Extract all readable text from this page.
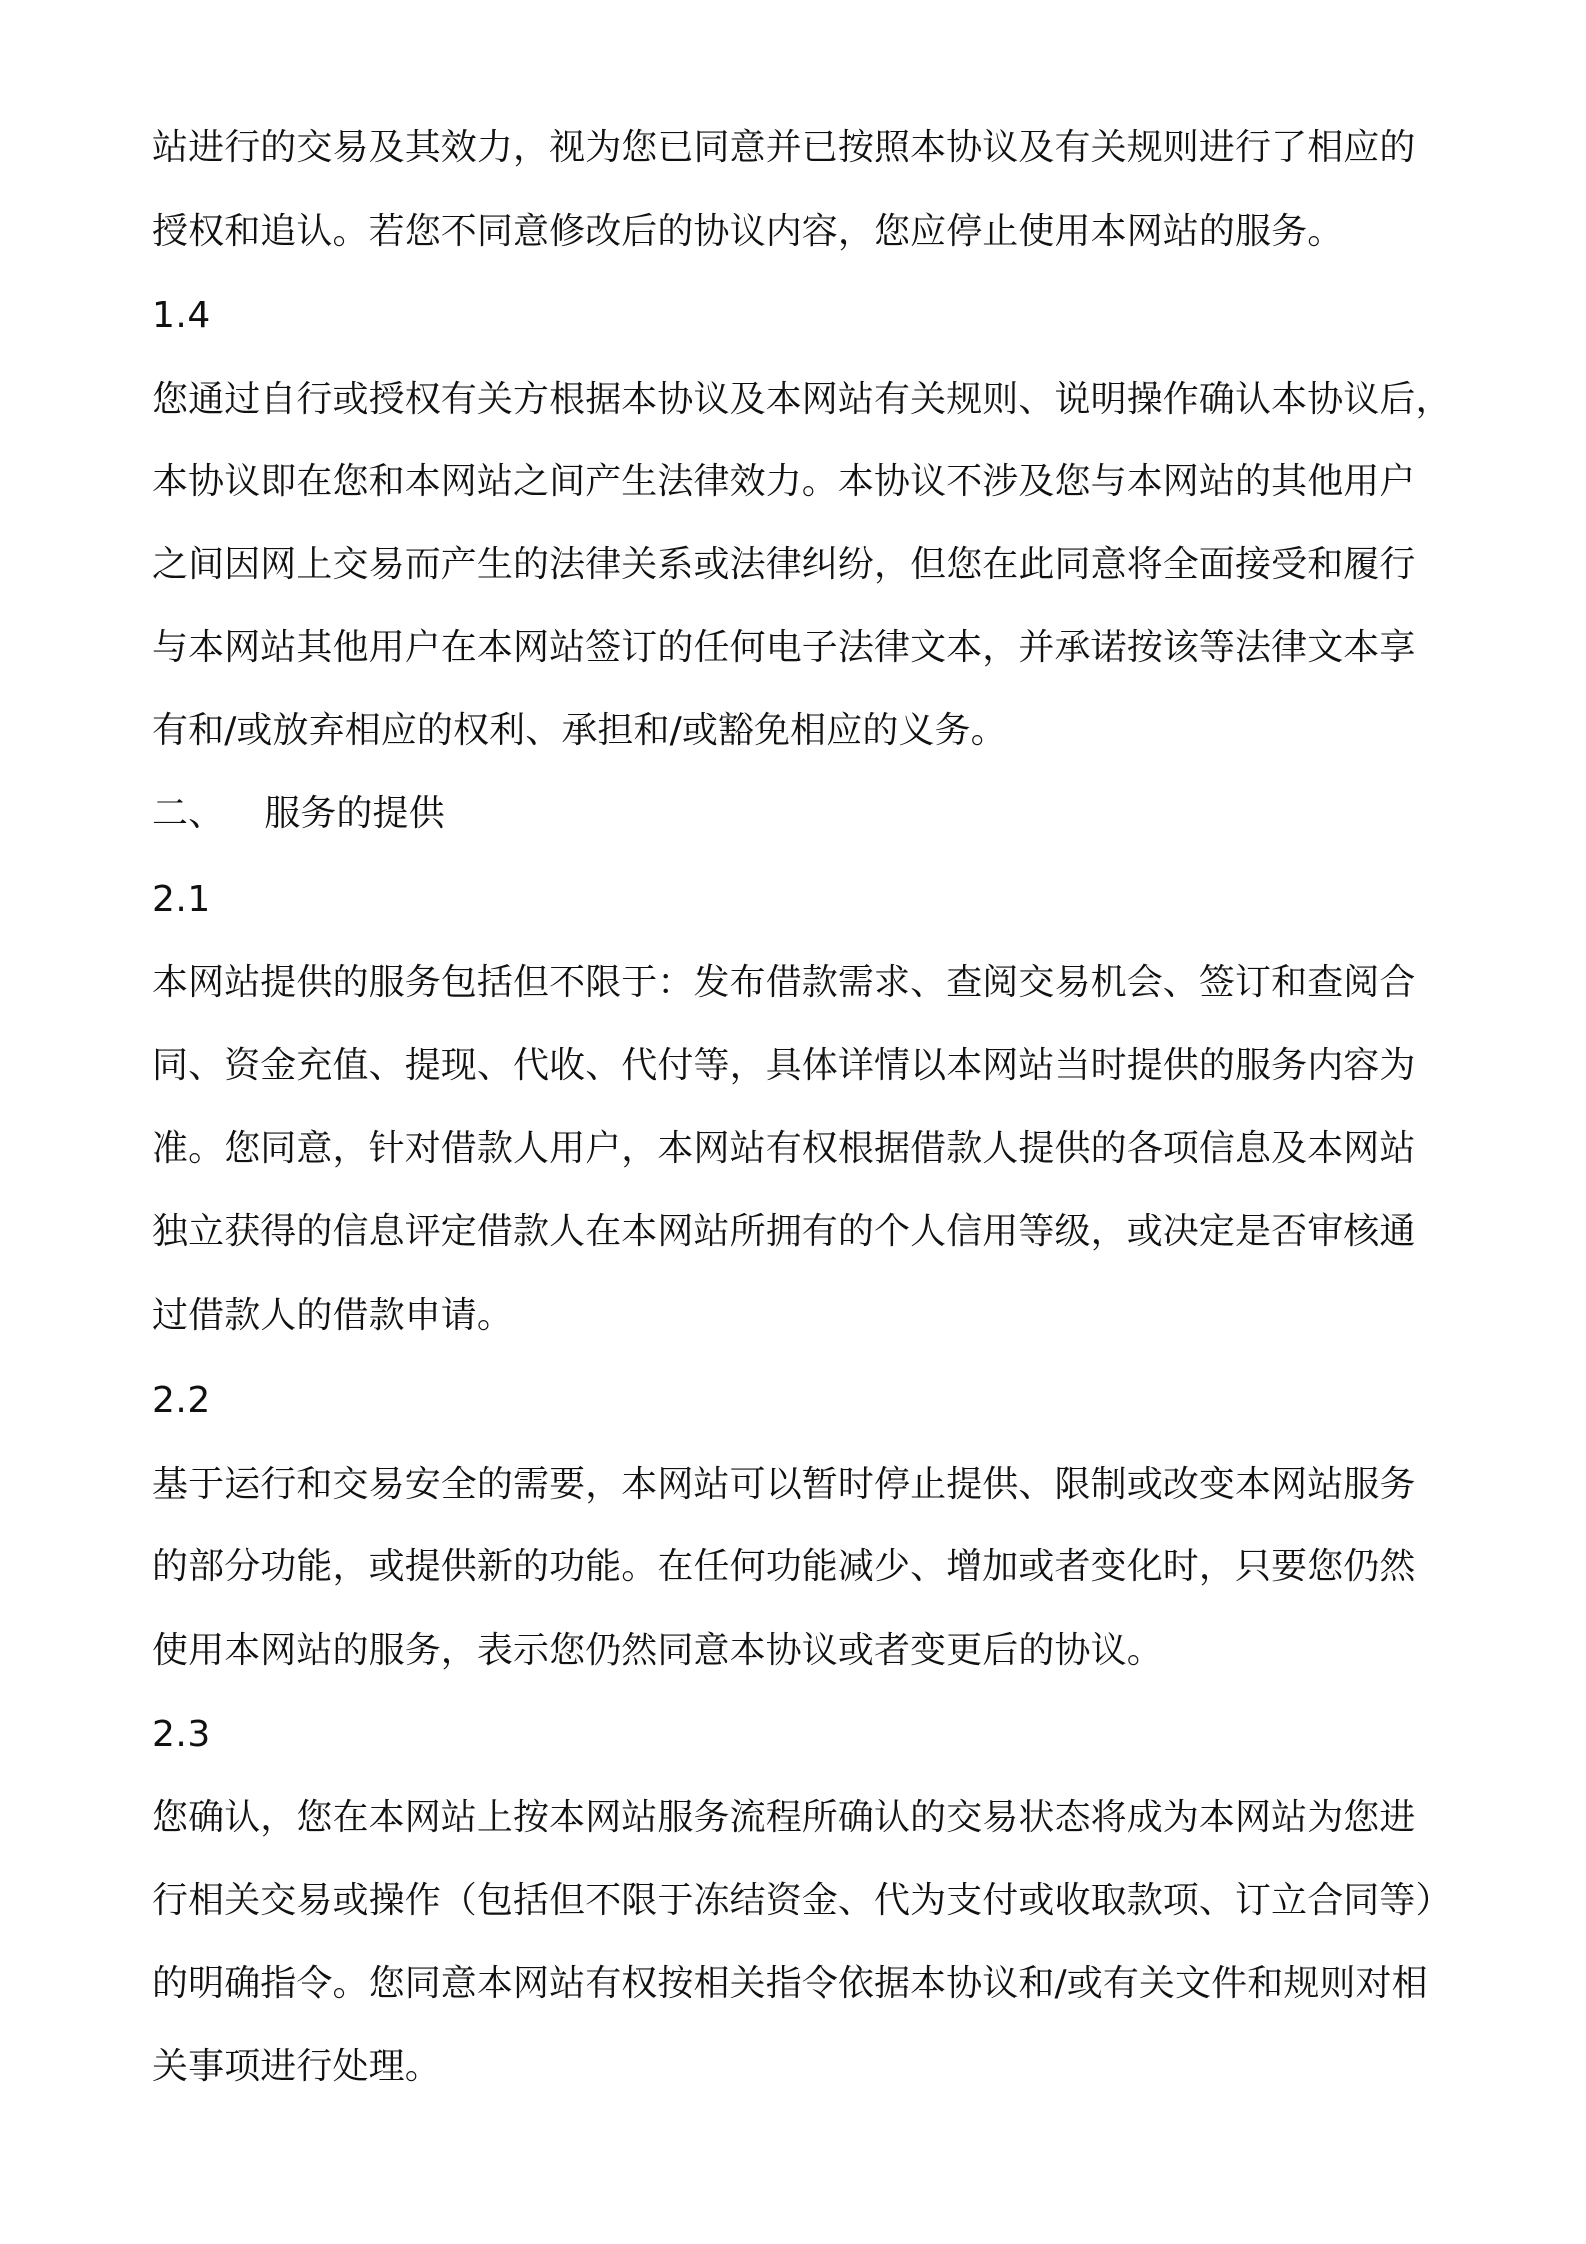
站进行的交易及其效力，视为您已同意并已按照本协议及有关规则进行了相应的
授权和追认。若您不同意修改后的协议内容，您应停止使用本网站的服务。
1.4
您通过自行或授权有关方根据本协议及本网站有关规则、说明操作确认本协议后，
本协议即在您和本网站之间产生法律效力。本协议不涉及您与本网站的其他用户
之间因网上交易而产生的法律关系或法律纠纷，但您在此同意将全面接受和履行
与本网站其他用户在本网站签订的任何电子法律文本，并承诺按该等法律文本享
有和/或放弃相应的权利、承担和/或豁免相应的义务。
二、 服务的提供
2.1
本网站提供的服务包括但不限于：发布借款需求、查阅交易机会、签订和查阅合
同、资金充值、提现、代收、代付等，具体详情以本网站当时提供的服务内容为
准。您同意，针对借款人用户，本网站有权根据借款人提供的各项信息及本网站
独立获得的信息评定借款人在本网站所拥有的个人信用等级，或决定是否审核通
过借款人的借款申请。
2.2
基于运行和交易安全的需要，本网站可以暂时停止提供、限制或改变本网站服务
的部分功能，或提供新的功能。在任何功能减少、增加或者变化时，只要您仍然
使用本网站的服务，表示您仍然同意本协议或者变更后的协议。
2.3
您确认，您在本网站上按本网站服务流程所确认的交易状态将成为本网站为您进
行相关交易或操作（包括但不限于冻结资金、代为支付或收取款项、订立合同等）
的明确指令。您同意本网站有权按相关指令依据本协议和/或有关文件和规则对相
关事项进行处理。
